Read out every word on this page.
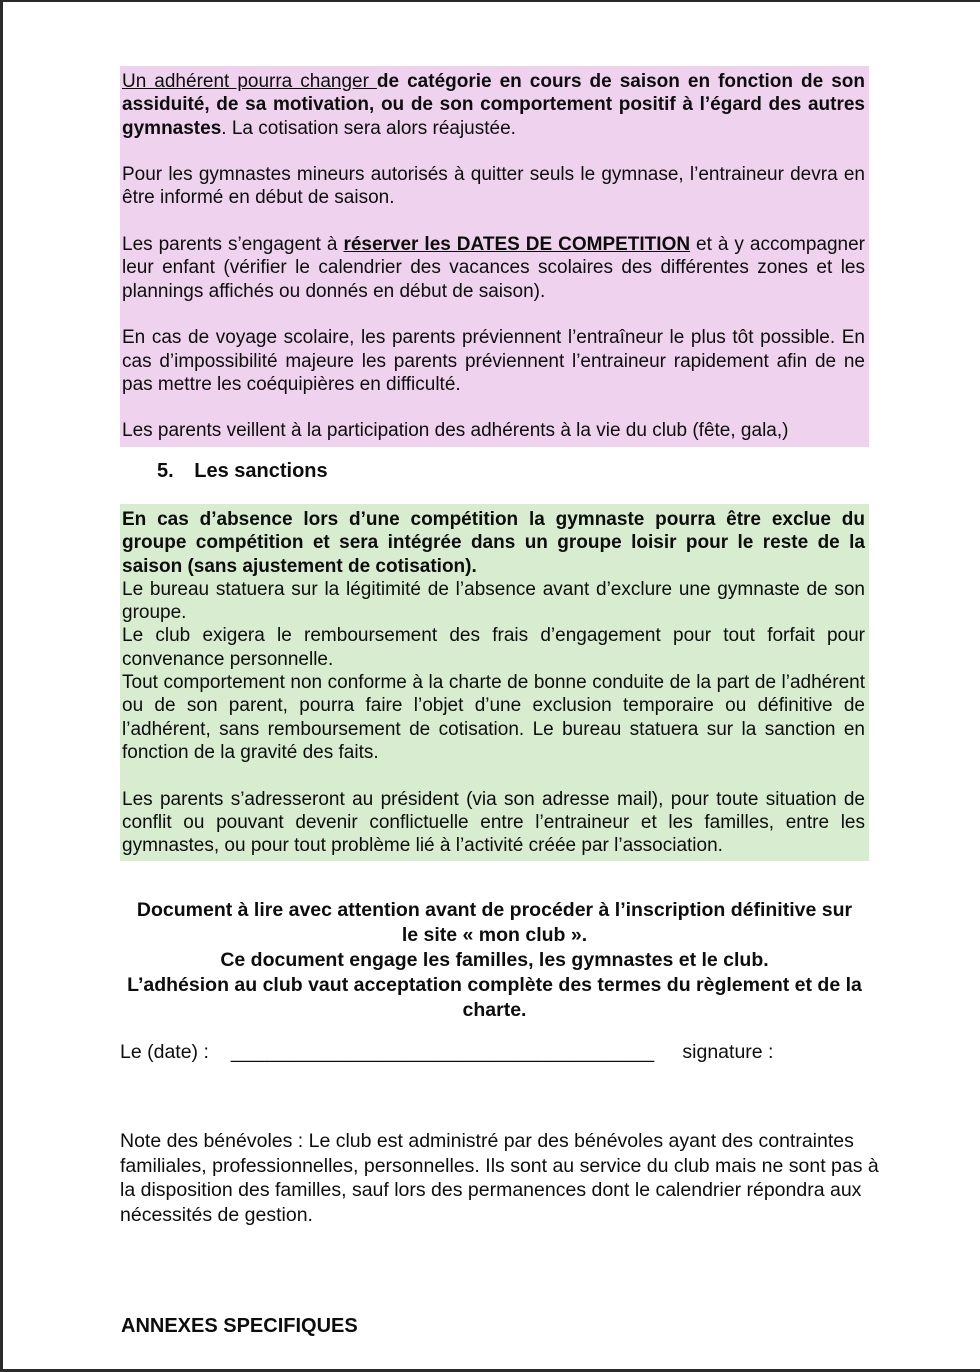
Un adhérent pourra changer de catégorie en cours de saison en fonction de son assiduité, de sa motivation, ou de son comportement positif à l’égard des autres gymnastes. La cotisation sera alors réajustée.

Pour les gymnastes mineurs autorisés à quitter seuls le gymnase, l’entraineur devra en être informé en début de saison.

Les parents s’engagent à réserver les DATES DE COMPETITION et à y accompagner leur enfant (vérifier le calendrier des vacances scolaires des différentes zones et les plannings affichés ou donnés en début de saison).

En cas de voyage scolaire, les parents préviennent l’entraîneur le plus tôt possible. En cas d’impossibilité majeure les parents préviennent l’entraineur rapidement afin de ne pas mettre les coéquipières en difficulté.

Les parents veillent à la participation des adhérents à la vie du club (fête, gala,)

5. Les sanctions

En cas d’absence lors d’une compétition la gymnaste pourra être exclue du groupe compétition et sera intégrée dans un groupe loisir pour le reste de la saison (sans ajustement de cotisation).

Le bureau statuera sur la légitimité de l’absence avant d’exclure une gymnaste de son groupe.

Le club exigera le remboursement des frais d’engagement pour tout forfait pour convenance personnelle.

Tout comportement non conforme à la charte de bonne conduite de la part de l’adhérent ou de son parent, pourra faire l’objet d’une exclusion temporaire ou définitive de l’adhérent, sans remboursement de cotisation. Le bureau statuera sur la sanction en fonction de la gravité des faits.

Les parents s’adresseront au président (via son adresse mail), pour toute situation de conflit ou pouvant devenir conflictuelle entre l’entraineur et les familles, entre les gymnastes, ou pour tout problème lié à l’activité créée par l’association.

Document à lire avec attention avant de procéder à l’inscription définitive sur
le site « mon club ».
Ce document engage les familles, les gymnastes et le club.
L’adhésion au club vaut acceptation complète des termes du règlement et de la
charte.
Le (date) : ______________________________________ signature :

Note des bénévoles : Le club est administré par des bénévoles ayant des contraintes familiales, professionnelles, personnelles. Ils sont au service du club mais ne sont pas à la disposition des familles, sauf lors des permanences dont le calendrier répondra aux nécessités de gestion.

ANNEXES SPECIFIQUES
